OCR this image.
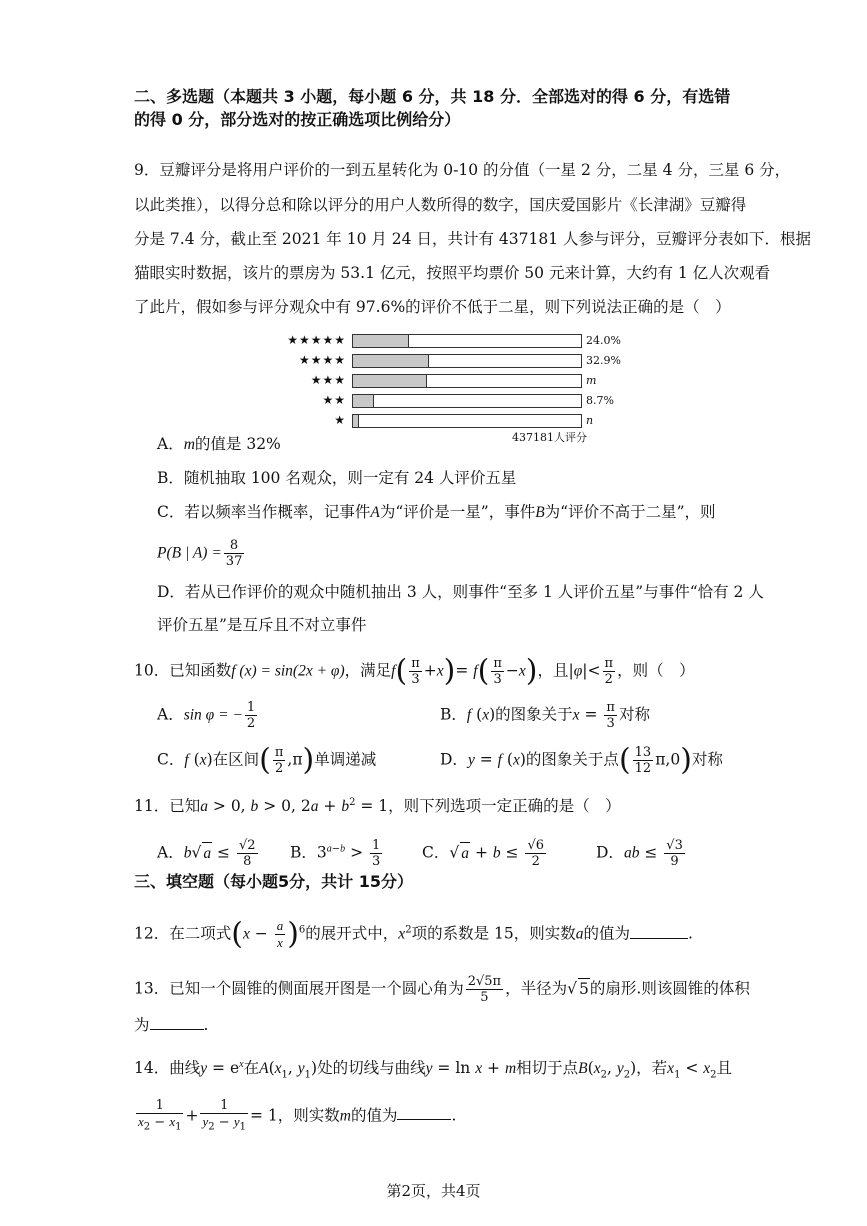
二、多选题（本题共 3 小题，每小题 6 分，共 18 分．全部选对的得 6 分，有选错
的得 0 分，部分选对的按正确选项比例给分）
9．豆瓣评分是将用户评价的一到五星转化为 0-10 的分值（一星 2 分，二星 4 分，三星 6 分，
以此类推），以得分总和除以评分的用户人数所得的数字，国庆爱国影片《长津湖》豆瓣得
分是 7.4 分，截止至 2021 年 10 月 24 日，共计有 437181 人参与评分，豆瓣评分表如下．根据
猫眼实时数据，该片的票房为 53.1 亿元，按照平均票价 50 元来计算，大约有 1 亿人次观看
了此片，假如参与评分观众中有 97.6%的评价不低于二星，则下列说法正确的是（　）
★★★★★	24.0%
★★★★	32.9%
★★★	m
★★	8.7%
★	n
437181人评分
A．m的值是 32%
B．随机抽取 100 名观众，则一定有 24 人评价五星
C．若以频率当作概率，记事件A为“评价是一星”，事件B为“评价不高于二星”，则
P(B | $A) = \frac{8}{37}$
D．若从已作评价的观众中随机抽出 3 人，则事件“至多 1 人评价五星”与事件“恰有 2 人
评价五星”是互斥且不对立事件
10．已知函数f (x) = sin(2x + φ)，满足$f( \frac{\pi}{3} +x)= f( \frac{\pi}{3} -x)$，且$|\varphi|< \frac{\pi}{2}$ ，则（　）
A．sin φ = − $\frac{1}{2}$	B．f (x)的图象关于$x = \frac{\pi}{3}$ 对称
C．f (x)在区间( $\frac{\pi}{2} ,\pi$)单调递减	D．y = f (x)的图象关于点( $\frac{13}{12} \pi,0$)对称
11．已知a > 0, b > 0, $2a + b^2 = 1$，则下列选项一定正确的是（　）
A．b√ $a \le \frac{√2}{8}$ B．$3^{a-b} > \frac{1}{3}$	C．√ $a + b \le \frac{√6}{2}$	D．ab ≤ $\frac{√3}{9}$
三、填空题（每小题5分，共计 15分）
12．在二项式$(x - \frac{a}{x} )^6$的展开式中，$x^2$项的系数是 15，则实数a的值为	.
13．已知一个圆锥的侧面展开图是一个圆心角为 $\frac{2√5\pi}{5}$ ，半径为√ 5的扇形.则该圆锥的体积
为	.
14．曲线$y = e^x$在$A(x_1$, $y_1$)处的切线与曲线y = ln x + m相切于点$B(x_2$, $y_2$)，若$x_1 < x_2$且
$\frac{1}{x_2 - x_1} + \frac{1}{y_2 - y_1} = 1$，则实数m的值为	.
第2页，共4页
